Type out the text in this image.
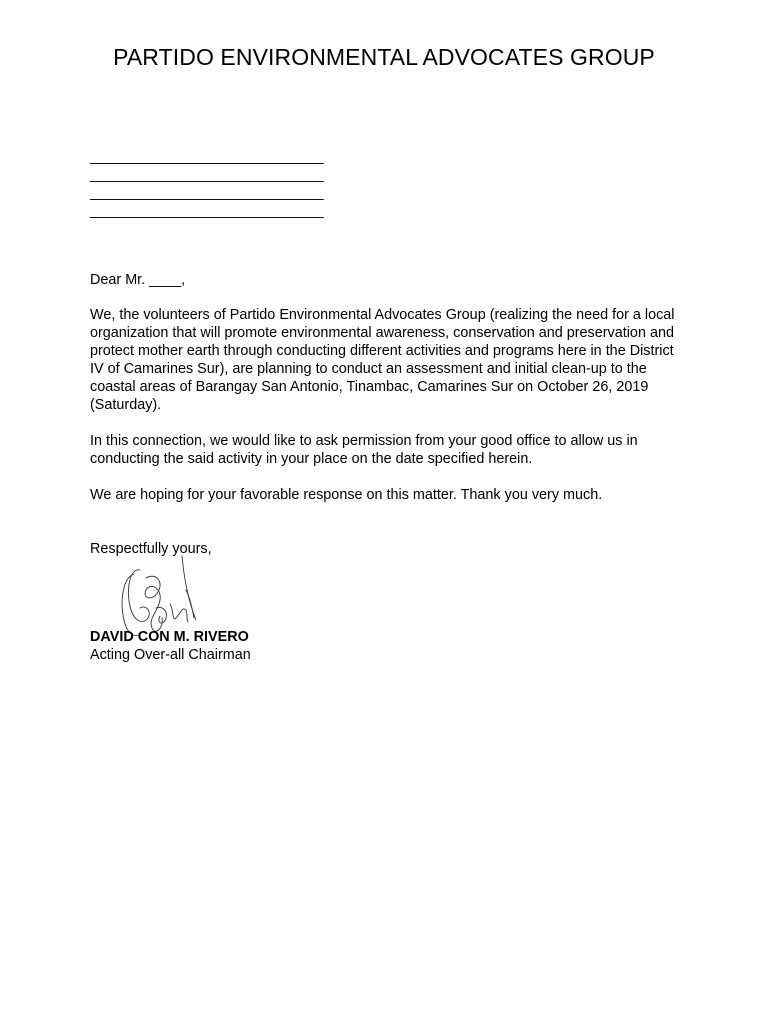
PARTIDO ENVIRONMENTAL ADVOCATES GROUP
____________________________
____________________________
____________________________
____________________________

Dear Mr. ____,

We, the volunteers of Partido Environmental Advocates Group (realizing the need for a local organization that will promote environmental awareness, conservation and preservation and protect mother earth through conducting different activities and programs here in the District IV of Camarines Sur), are planning to conduct an assessment and initial clean-up to the coastal areas of Barangay San Antonio, Tinambac, Camarines Sur on October 26, 2019 (Saturday).

In this connection, we would like to ask permission from your good office to allow us in conducting the said activity in your place on the date specified herein.

We are hoping for your favorable response on this matter. Thank you very much.

Respectfully yours,

DAVID CON M. RIVERO
Acting Over-all Chairman
